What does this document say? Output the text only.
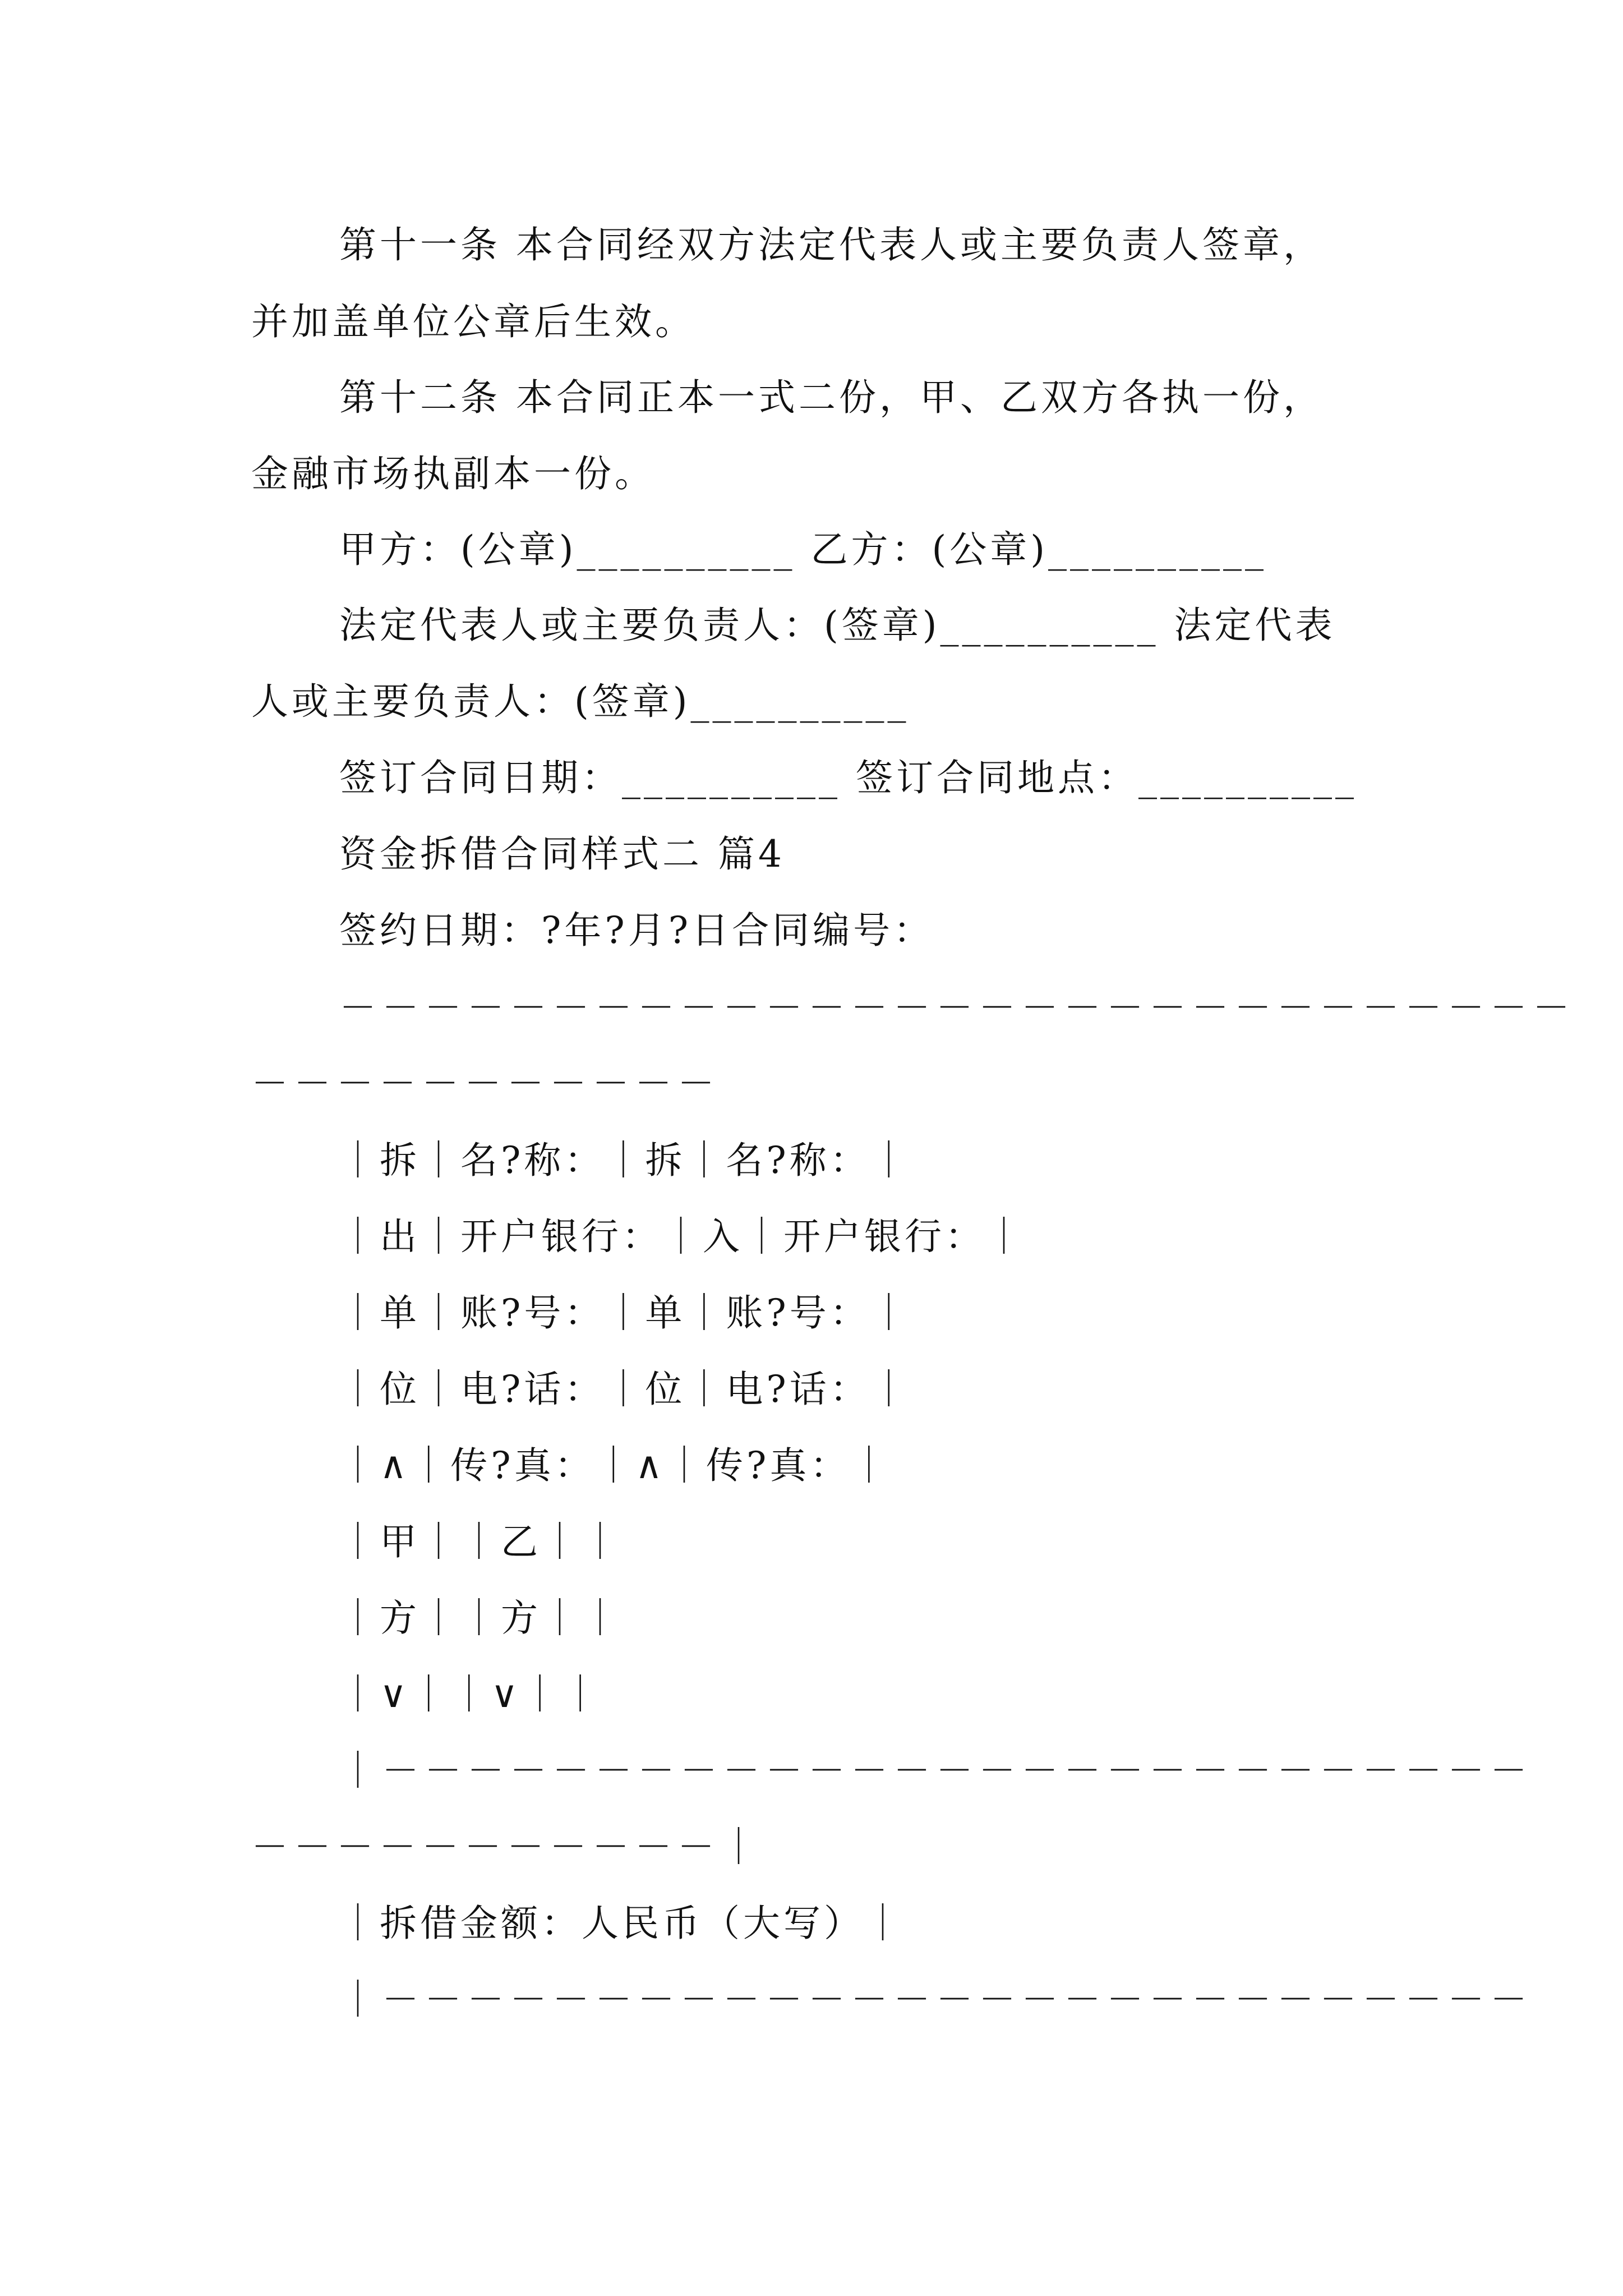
第十一条 本合同经双方法定代表人或主要负责人签章，
并加盖单位公章后生效。
第十二条 本合同正本一式二份，甲、乙双方各执一份，
金融市场执副本一份。
甲方：(公章)__________ 乙方：(公章)__________
法定代表人或主要负责人：(签章)__________ 法定代表
人或主要负责人：(签章)__________
签订合同日期：__________ 签订合同地点：__________
资金拆借合同样式二 篇4
签约日期：?年?月?日合同编号：
－－－－－－－－－－－－－－－－－－－－－－－－－－－－－
－－－－－－－－－－－
｜拆｜名?称：｜拆｜名?称：｜
｜出｜开户银行：｜入｜开户银行：｜
｜单｜账?号：｜单｜账?号：｜
｜位｜电?话：｜位｜电?话：｜
｜∧｜传?真：｜∧｜传?真：｜
｜甲｜｜乙｜｜
｜方｜｜方｜｜
｜∨｜｜∨｜｜
｜－－－－－－－－－－－－－－－－－－－－－－－－－－－
－－－－－－－－－－－｜
｜拆借金额：人民币（大写）｜
｜－－－－－－－－－－－－－－－－－－－－－－－－－－－
